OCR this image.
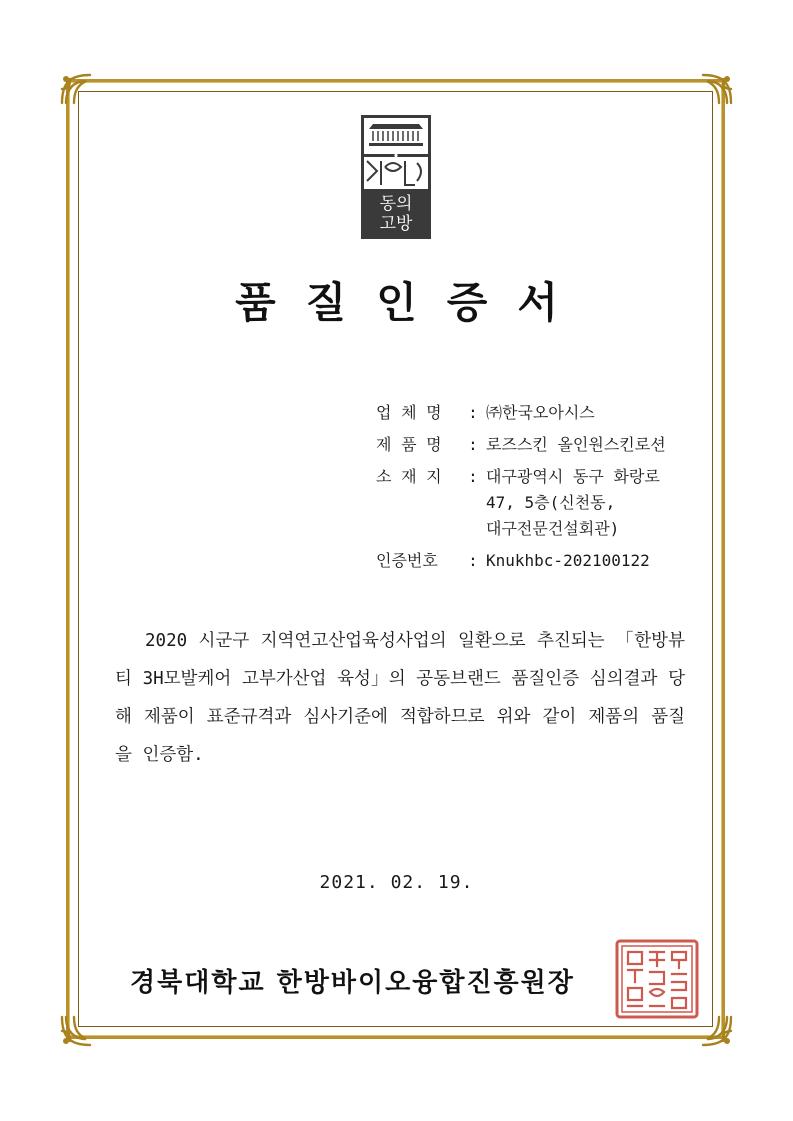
동의
고방
품질인증서
업 체 명	: ㈜한국오아시스
제 품 명	: 로즈스킨 올인원스킨로션
소 재 지	: 대구광역시 동구 화랑로
47, 5층(신천동,
대구전문건설회관)
인증번호	: Knukhbc-202100122
2020 시군구 지역연고산업육성사업의 일환으로 추진되는 「한방뷰티 3H모발케어 고부가산업 육성」의 공동브랜드 품질인증 심의결과 당해 제품이 표준규격과 심사기준에 적합하므로 위와 같이 제품의 품질을 인증함.
2021. 02. 19.
경북대학교 한방바이오융합진흥원장
